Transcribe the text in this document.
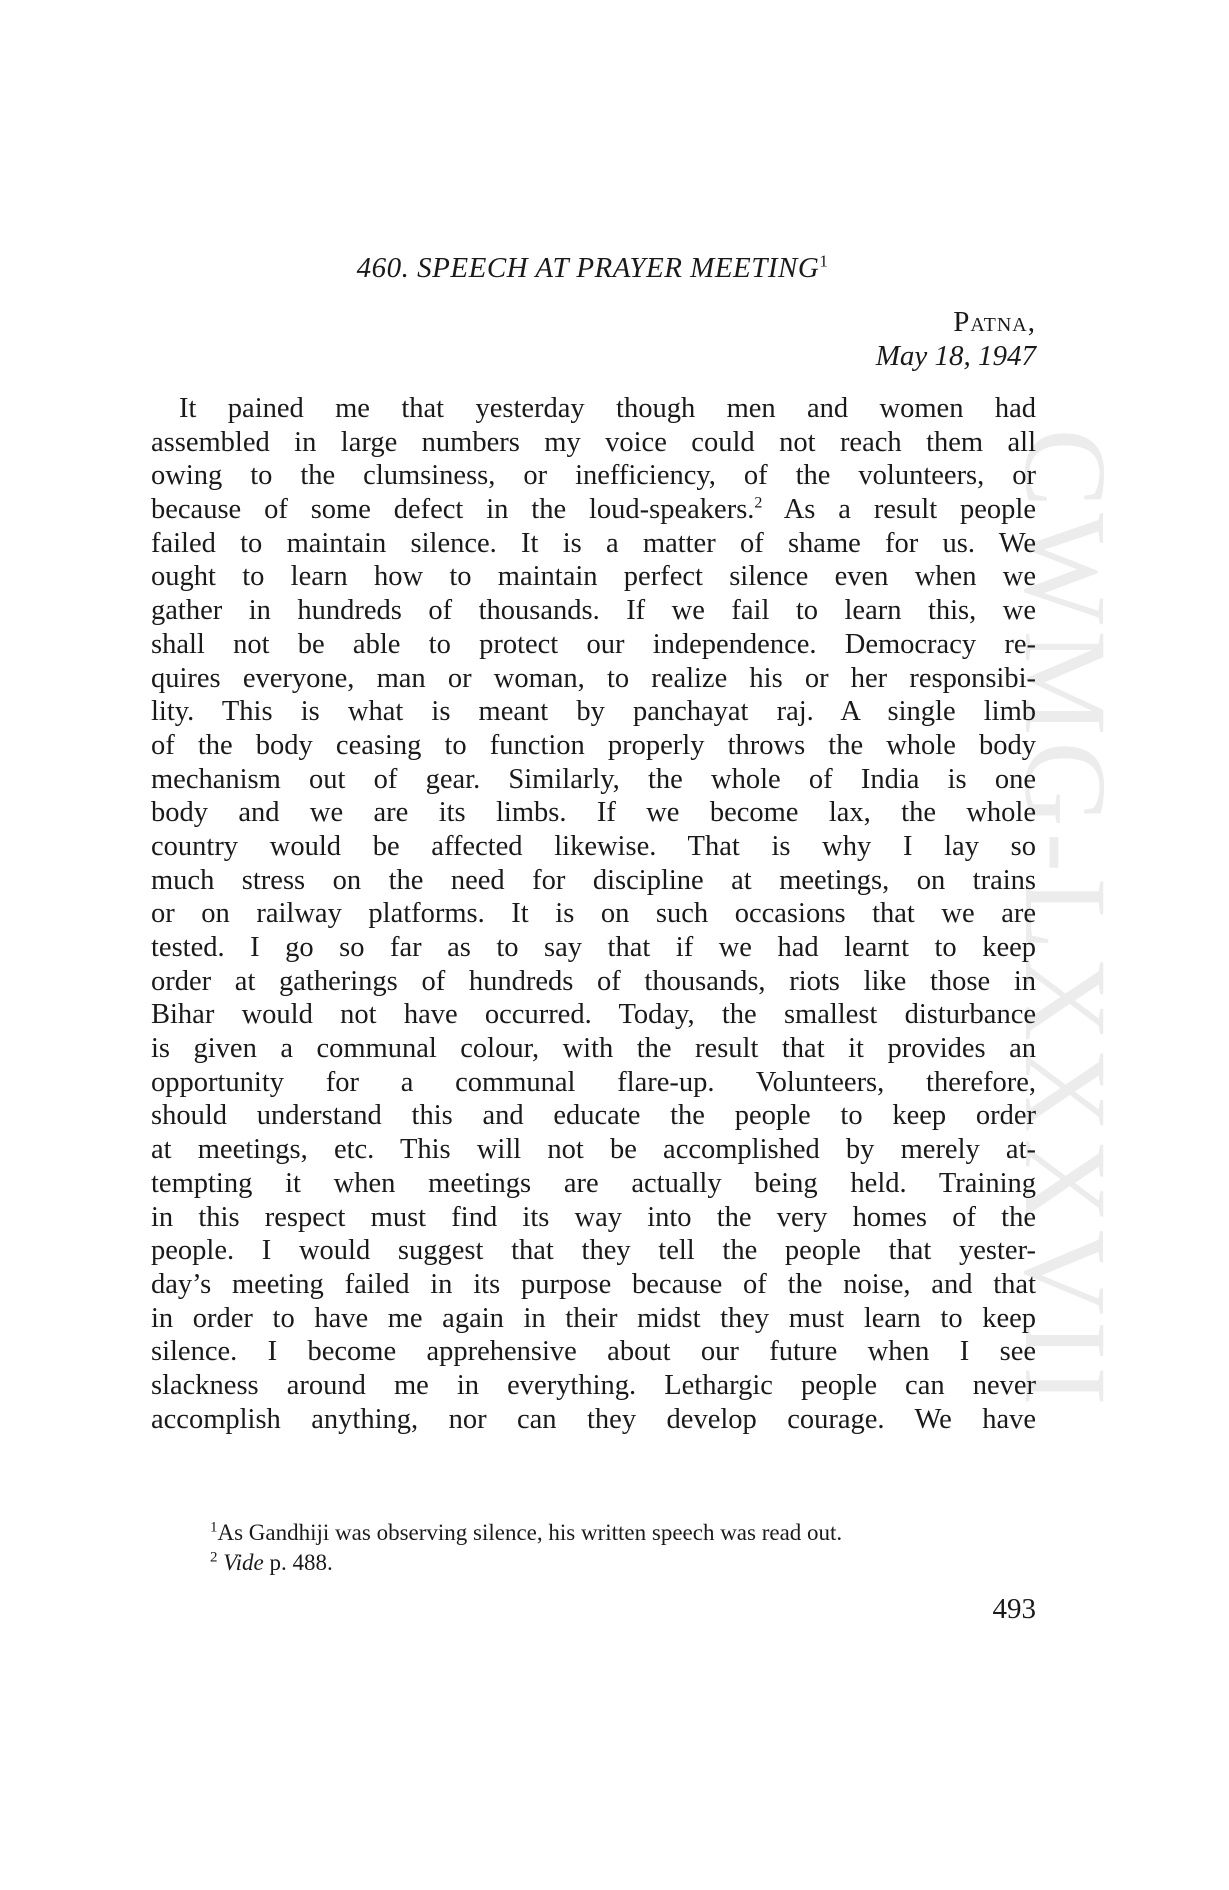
CWMG-LXXXVII
460. SPEECH AT PRAYER MEETING$^1$
Patna,
May 18, 1947
It pained me that yesterday though men and women had
assembled in large numbers my voice could not reach them all
owing to the clumsiness, or inefficiency, of the volunteers, or
because of some defect in the loud-speakers.$^2$ As a result people
failed to maintain silence. It is a matter of shame for us. We
ought to learn how to maintain perfect silence even when we
gather in hundreds of thousands. If we fail to learn this, we
shall not be able to protect our independence. Democracy re-
quires everyone, man or woman, to realize his or her responsibi-
lity. This is what is meant by panchayat raj. A single limb
of the body ceasing to function properly throws the whole body
mechanism out of gear. Similarly, the whole of India is one
body and we are its limbs. If we become lax, the whole
country would be affected likewise. That is why I lay so
much stress on the need for discipline at meetings, on trains
or on railway platforms. It is on such occasions that we are
tested. I go so far as to say that if we had learnt to keep
order at gatherings of hundreds of thousands, riots like those in
Bihar would not have occurred. Today, the smallest disturbance
is given a communal colour, with the result that it provides an
opportunity for a communal flare-up. Volunteers, therefore,
should understand this and educate the people to keep order
at meetings, etc. This will not be accomplished by merely at-
tempting it when meetings are actually being held. Training
in this respect must find its way into the very homes of the
people. I would suggest that they tell the people that yester-
day’s meeting failed in its purpose because of the noise, and that
in order to have me again in their midst they must learn to keep
silence. I become apprehensive about our future when I see
slackness around me in everything. Lethargic people can never
accomplish anything, nor can they develop courage. We have
$^1$As Gandhiji was observing silence, his written speech was read out.
$^2$ Vide p. 488.
493
